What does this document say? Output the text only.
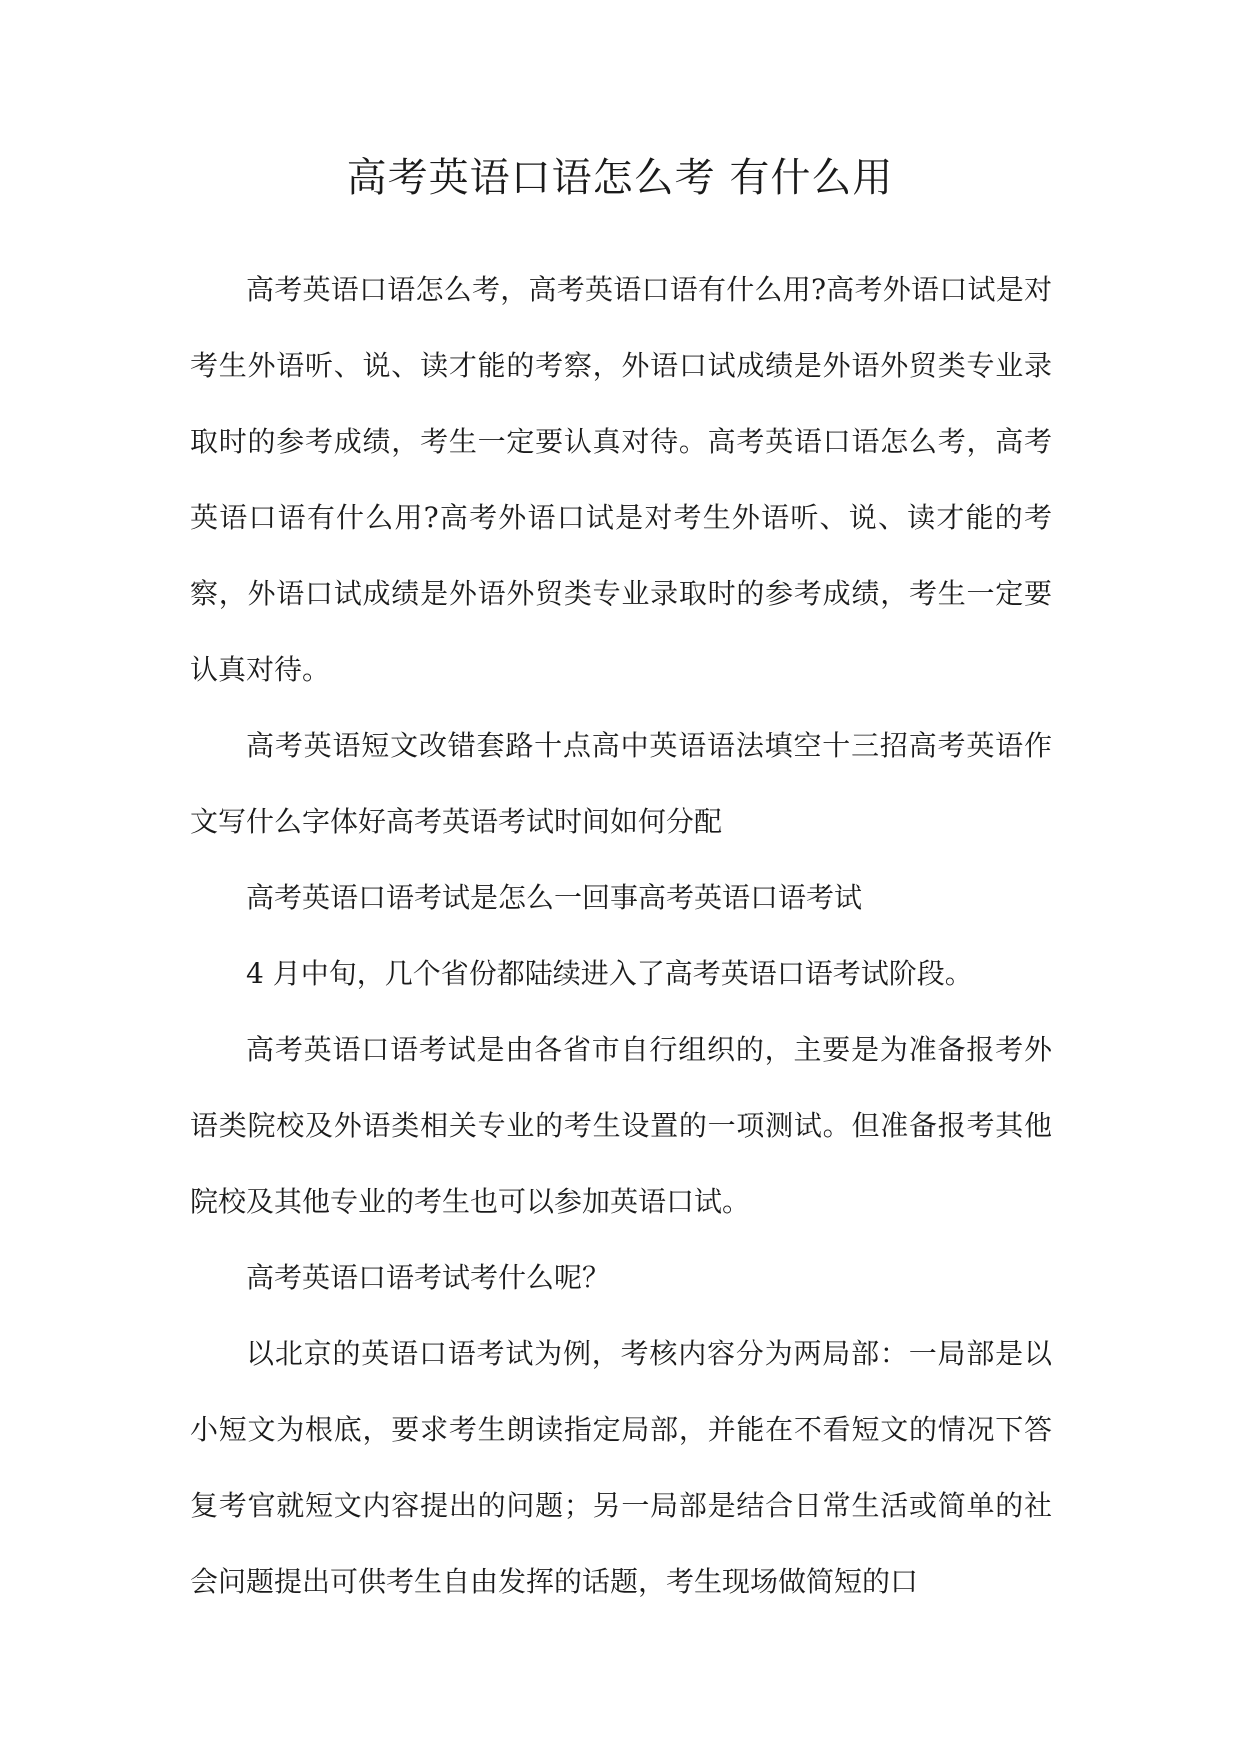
高考英语口语怎么考 有什么用

高考英语口语怎么考，高考英语口语有什么用?高考外语口试是对考生外语听、说、读才能的考察，外语口试成绩是外语外贸类专业录取时的参考成绩，考生一定要认真对待。高考英语口语怎么考，高考英语口语有什么用?高考外语口试是对考生外语听、说、读才能的考察，外语口试成绩是外语外贸类专业录取时的参考成绩，考生一定要认真对待。

高考英语短文改错套路十点高中英语语法填空十三招高考英语作文写什么字体好高考英语考试时间如何分配

高考英语口语考试是怎么一回事高考英语口语考试

4 月中旬，几个省份都陆续进入了高考英语口语考试阶段。

高考英语口语考试是由各省市自行组织的，主要是为准备报考外语类院校及外语类相关专业的考生设置的一项测试。但准备报考其他院校及其他专业的考生也可以参加英语口试。

高考英语口语考试考什么呢？

以北京的英语口语考试为例，考核内容分为两局部：一局部是以小短文为根底，要求考生朗读指定局部，并能在不看短文的情况下答复考官就短文内容提出的问题；另一局部是结合日常生活或简单的社会问题提出可供考生自由发挥的话题，考生现场做简短的口
